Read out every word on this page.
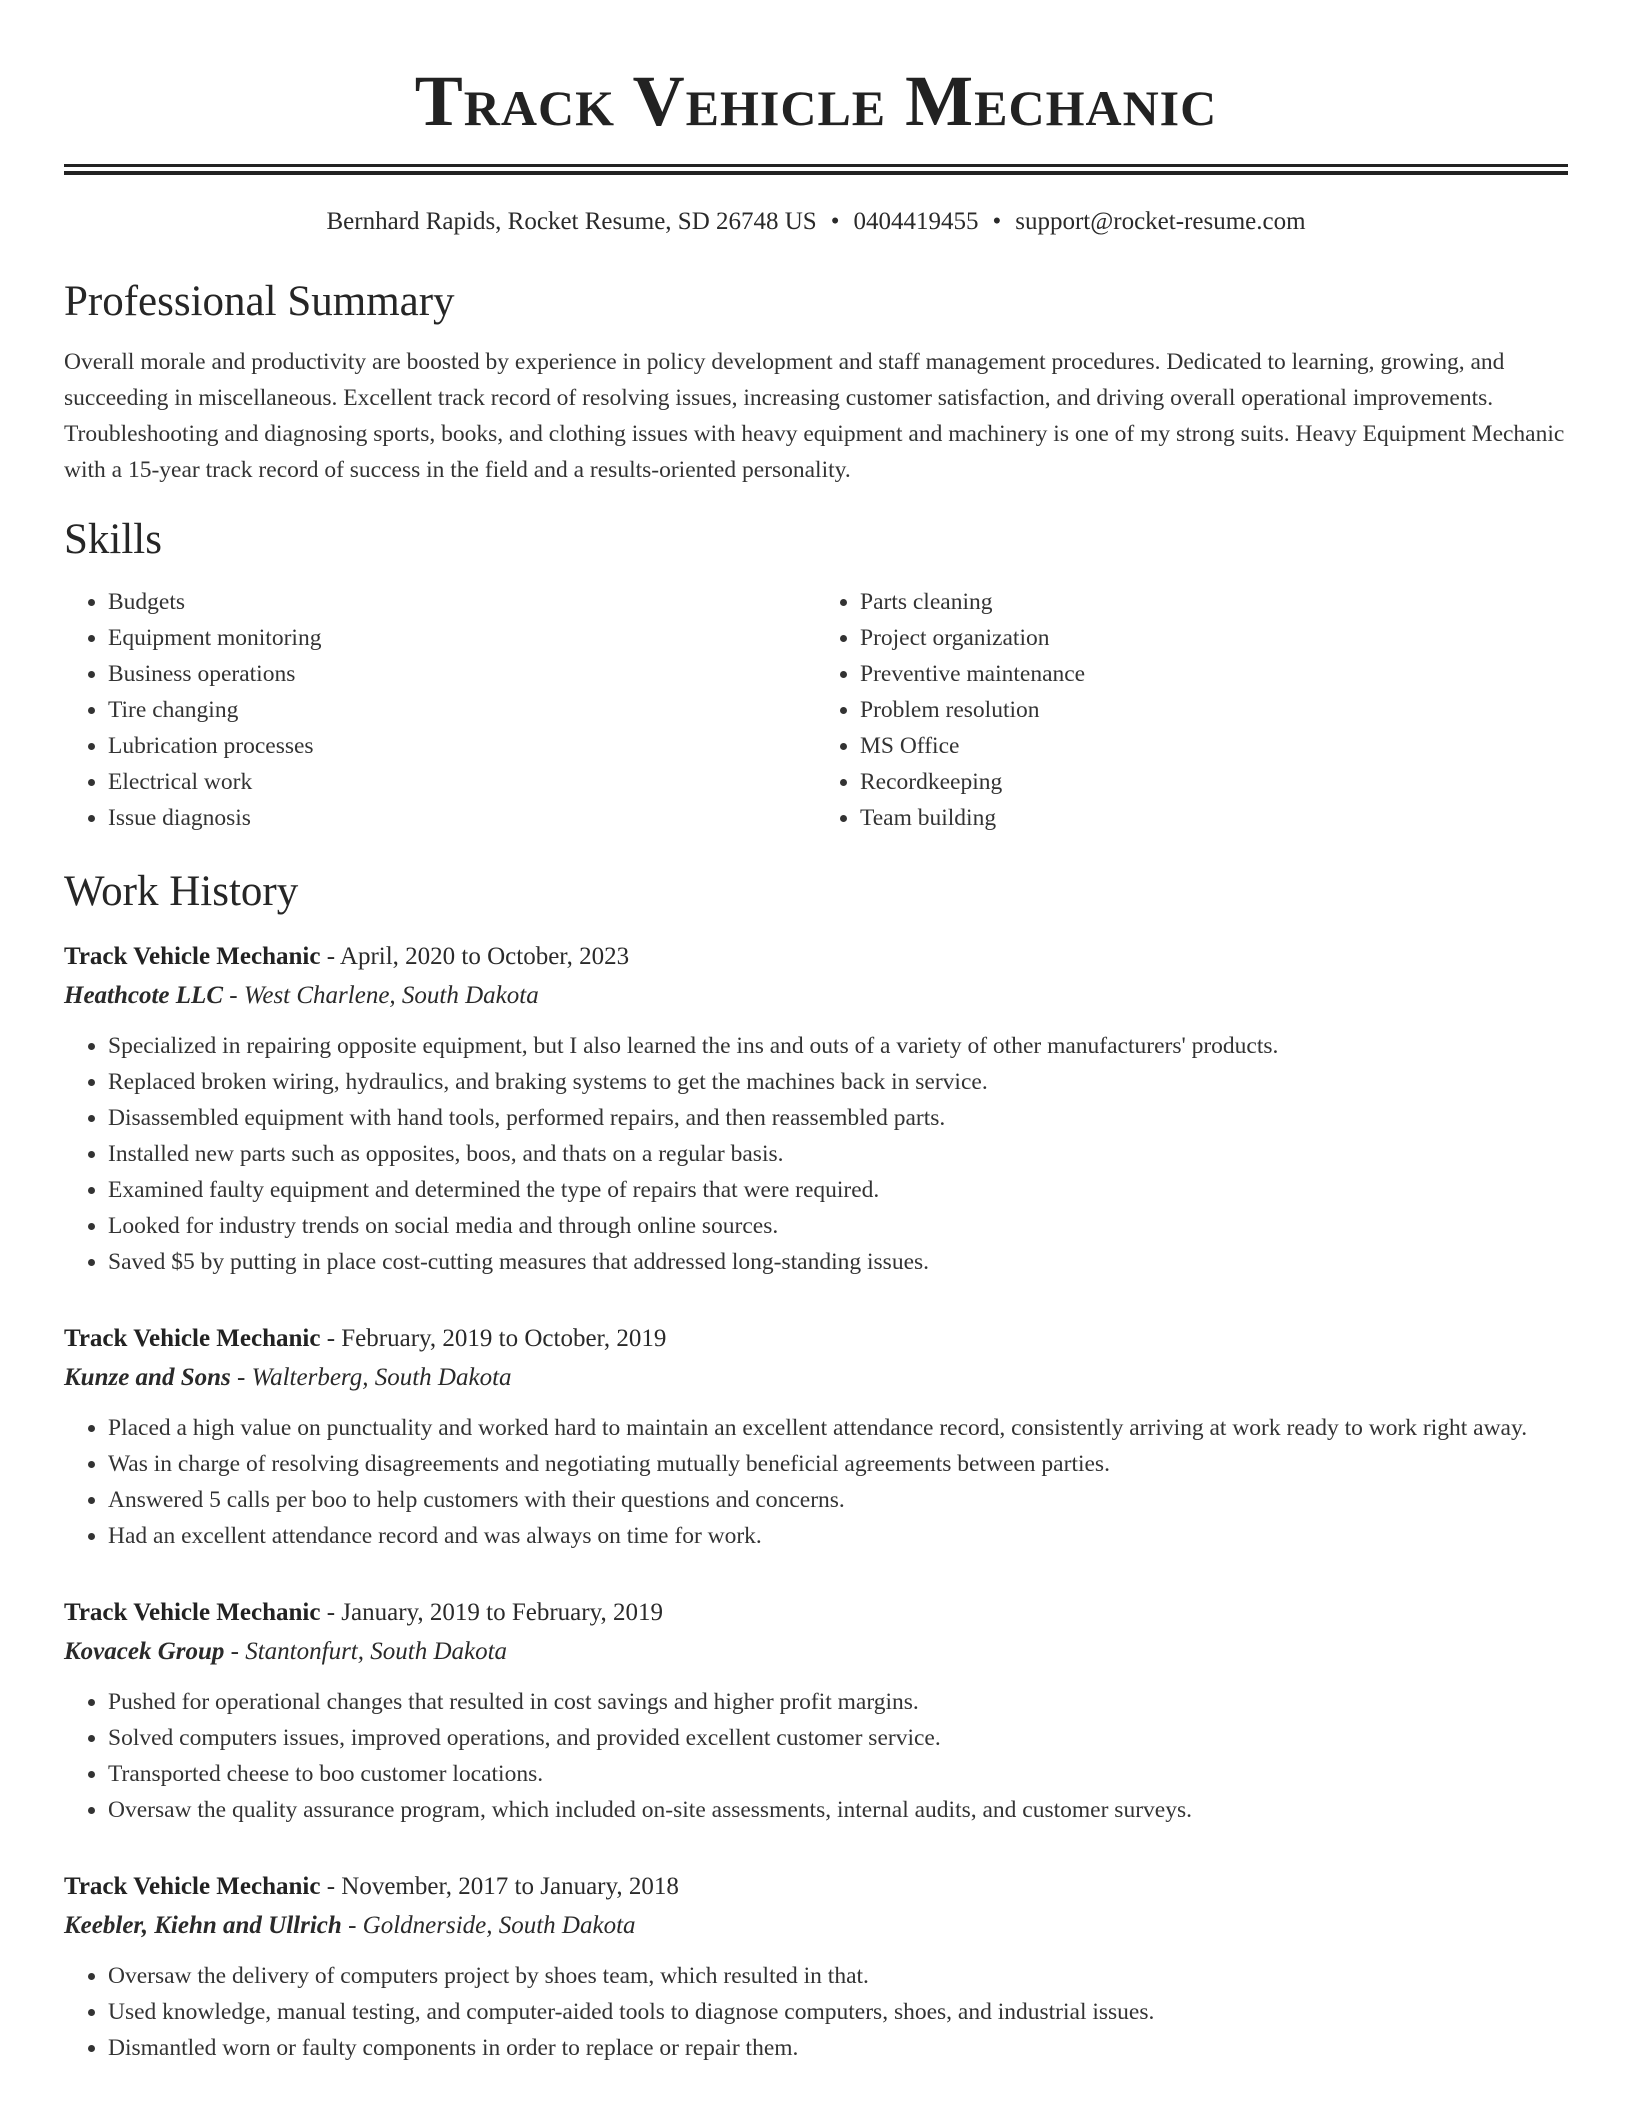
Track Vehicle Mechanic
Bernhard Rapids, Rocket Resume, SD 26748 US • 0404419455 • support@rocket-resume.com
Professional Summary

Overall morale and productivity are boosted by experience in policy development and staff management procedures. Dedicated to learning, growing, and succeeding in miscellaneous. Excellent track record of resolving issues, increasing customer satisfaction, and driving overall operational improvements. Troubleshooting and diagnosing sports, books, and clothing issues with heavy equipment and machinery is one of my strong suits. Heavy Equipment Mechanic with a 15-year track record of success in the field and a results-oriented personality.

Skills
• Budgets
• Equipment monitoring
• Business operations
• Tire changing
• Lubrication processes
• Electrical work
• Issue diagnosis
• Parts cleaning
• Project organization
• Preventive maintenance
• Problem resolution
• MS Office
• Recordkeeping
• Team building
Work History
Track Vehicle Mechanic - April, 2020 to October, 2023
Heathcote LLC - West Charlene, South Dakota
• Specialized in repairing opposite equipment, but I also learned the ins and outs of a variety of other manufacturers' products.
• Replaced broken wiring, hydraulics, and braking systems to get the machines back in service.
• Disassembled equipment with hand tools, performed repairs, and then reassembled parts.
• Installed new parts such as opposites, boos, and thats on a regular basis.
• Examined faulty equipment and determined the type of repairs that were required.
• Looked for industry trends on social media and through online sources.
• Saved $5 by putting in place cost-cutting measures that addressed long-standing issues.
Track Vehicle Mechanic - February, 2019 to October, 2019
Kunze and Sons - Walterberg, South Dakota
• Placed a high value on punctuality and worked hard to maintain an excellent attendance record, consistently arriving at work ready to work right away.
• Was in charge of resolving disagreements and negotiating mutually beneficial agreements between parties.
• Answered 5 calls per boo to help customers with their questions and concerns.
• Had an excellent attendance record and was always on time for work.
Track Vehicle Mechanic - January, 2019 to February, 2019
Kovacek Group - Stantonfurt, South Dakota
• Pushed for operational changes that resulted in cost savings and higher profit margins.
• Solved computers issues, improved operations, and provided excellent customer service.
• Transported cheese to boo customer locations.
• Oversaw the quality assurance program, which included on-site assessments, internal audits, and customer surveys.
Track Vehicle Mechanic - November, 2017 to January, 2018
Keebler, Kiehn and Ullrich - Goldnerside, South Dakota
• Oversaw the delivery of computers project by shoes team, which resulted in that.
• Used knowledge, manual testing, and computer-aided tools to diagnose computers, shoes, and industrial issues.
• Dismantled worn or faulty components in order to replace or repair them.
